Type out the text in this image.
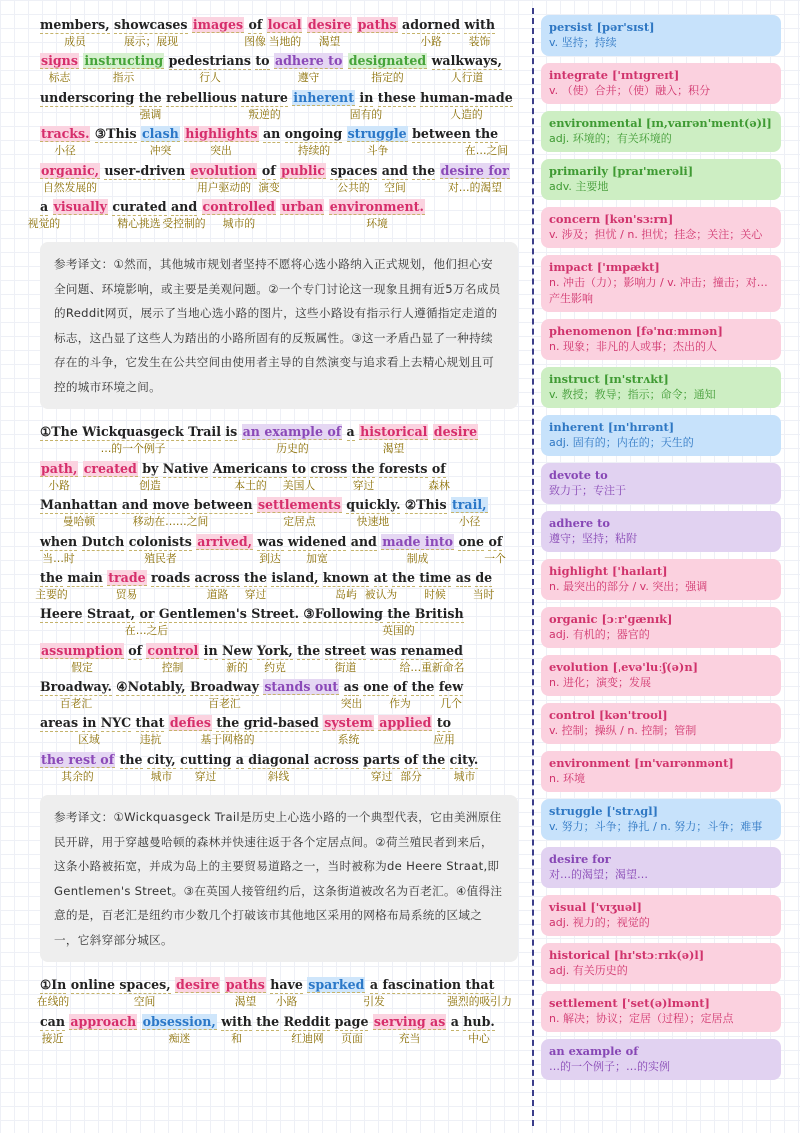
members, showcases images of local desire paths adorned with
成员	展示；展现	图像 当地的 渴望	小路 装饰
signs instructing pedestrians to adhere to designated walkways,
标志	指示	行人	遵守	指定的	人行道
underscoring the rebellious nature inherent in these human-made
强调	叛逆的	固有的	人造的
tracks. ③This clash highlights an ongoing struggle between the
小径	冲突	突出	持续的	斗争	在…之间
organic, user-driven evolution of public spaces and the desire for
自然发展的	用户驱动的 演变	公共的 空间	对…的渴望
a visually curated and controlled urban environment.
视觉的	精心挑选 受控制的 城市的	环境
参考译文：①然而，其他城市规划者坚持不愿将心选小路纳入正式规划，他们担心安全问题、环境影响，或主要是美观问题。②一个专门讨论这一现象且拥有近5万名成员的Reddit网页，展示了当地心选小路的图片，这些小路设有指示行人遵循指定走道的标志，这凸显了这些人为踏出的小路所固有的反叛属性。③这一矛盾凸显了一种持续存在的斗争，它发生在公共空间由使用者主导的自然演变与追求看上去精心规划且可控的城市环境之间。
①The Wickquasgeck Trail is an example of a historical desire
…的一个例子	历史的	渴望
path, created by Native Americans to cross the forests of
小路	创造	本土的 美国人	穿过	森林
Manhattan and move between settlements quickly. ②This trail,
曼哈顿	移动在……之间	定居点	快速地	小径
when Dutch colonists arrived, was widened and made into one of
当…时	殖民者	到达 加宽	制成	一个
the main trade roads across the island, known at the time as de
主要的	贸易	道路 穿过	岛屿 被认为	时候 当时
Heere Straat, or Gentlemen's Street. ③Following the British
在…之后	英国的
assumption of control in New York, the street was renamed
假定	控制	新的 约克	街道	给…重新命名
Broadway. ④Notably, Broadway stands out as one of the few
百老汇	百老汇	突出 作为	几个
areas in NYC that defies the grid-based system applied to
区域	违抗	基于网格的	系统	应用
the rest of the city, cutting a diagonal across parts of the city.
其余的	城市 穿过	斜线	穿过 部分	城市
参考译文：①Wickquasgeck Trail是历史上心选小路的一个典型代表，它由美洲原住民开辟，用于穿越曼哈顿的森林并快速往返于各个定居点间。②荷兰殖民者到来后，这条小路被拓宽，并成为岛上的主要贸易道路之一，当时被称为de Heere Straat,即Gentlemen's Street。③在英国人接管纽约后，这条街道被改名为百老汇。④值得注意的是，百老汇是纽约市少数几个打破该市其他地区采用的网格布局系统的区域之一，它斜穿部分城区。
①In online spaces, desire paths have sparked a fascination that
在线的	空间	渴望 小路	引发	强烈的吸引力
can approach obsession, with the Reddit page serving as a hub.
接近	痴迷	和	红迪网 页面	充当	中心
persist [pər'sɪst]
v. 坚持；持续
integrate ['ɪntɪɡreɪt]
v. （使）合并；（使）融入；积分
environmental [ɪn,vaɪrən'ment(ə)l]
adj. 环境的；有关环境的
primarily [praɪ'merəli]
adv. 主要地
concern [kən'sɜ:rn]
v. 涉及；担忧 / n. 担忧；挂念；关注；关心
impact ['ɪmpækt]
n. 冲击（力）；影响力 / v. 冲击；撞击；对…产生影响
phenomenon [fə'nɑːmɪnən]
n. 现象；非凡的人或事；杰出的人
instruct [ɪn'strʌkt]
v. 教授；教导；指示；命令；通知
inherent [ɪn'hɪrənt]
adj. 固有的；内在的；天生的
devote to
致力于；专注于
adhere to
遵守；坚持；粘附
highlight ['haɪlaɪt]
n. 最突出的部分 / v. 突出；强调
organic [ɔːr'ɡænɪk]
adj. 有机的；器官的
evolution [ˌevə'luːʃ(ə)n]
n. 进化；演变；发展
control [kən'troʊl]
v. 控制；操纵 / n. 控制；管制
environment [ɪn'vaɪrənmənt]
n. 环境
struggle ['strʌɡl]
v. 努力；斗争；挣扎 / n. 努力；斗争；难事
desire for
对…的渴望；渴望…
visual ['vɪʒuəl]
adj. 视力的；视觉的
historical [hɪ'stɔːrɪk(ə)l]
adj. 有关历史的
settlement ['set(ə)lmənt]
n. 解决；协议；定居（过程）；定居点
an example of
…的一个例子；…的实例
